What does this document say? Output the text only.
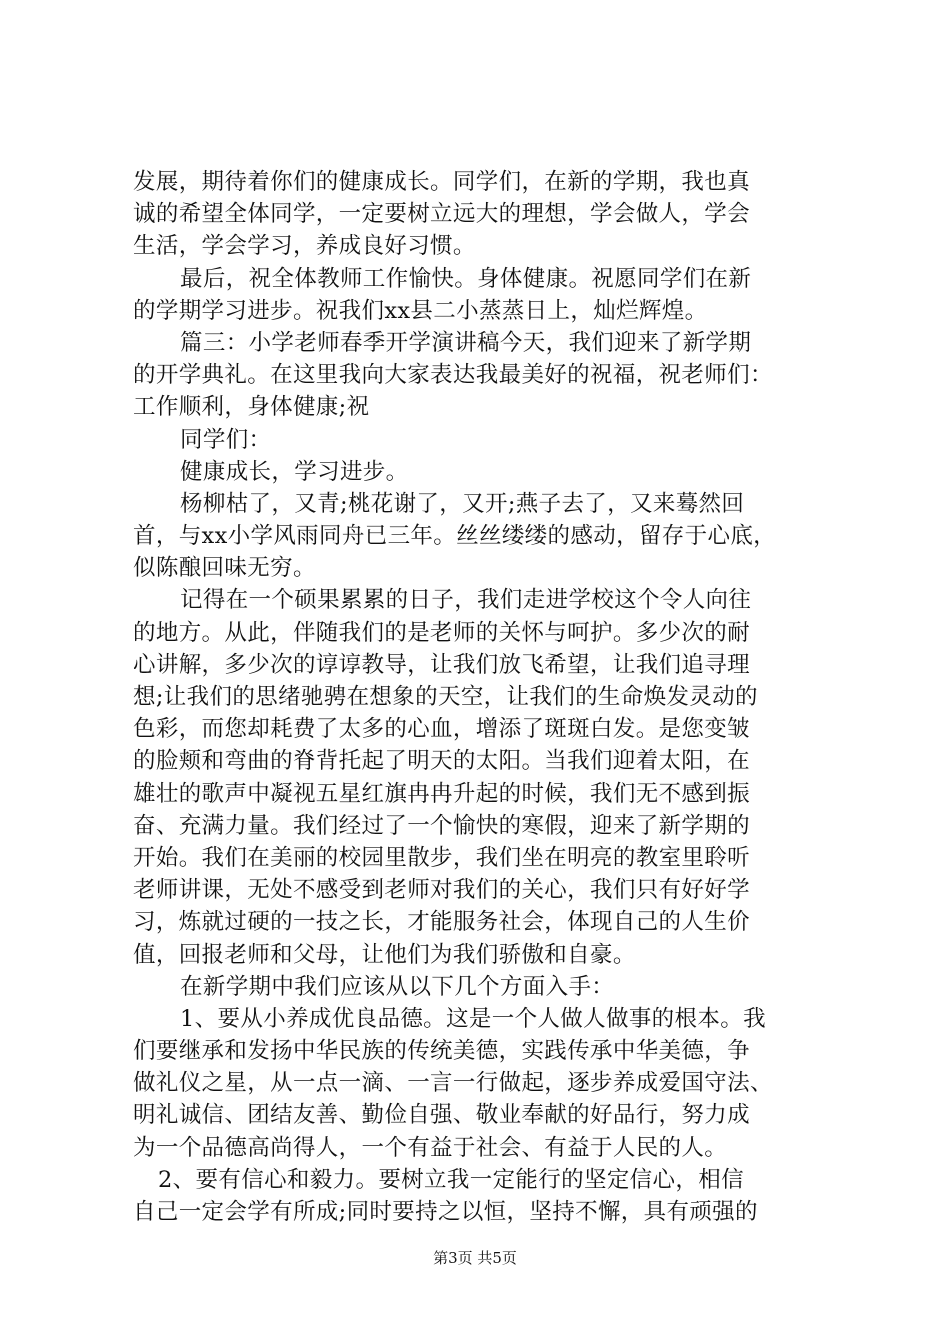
发展，期待着你们的健康成长。同学们，在新的学期，我也真
诚的希望全体同学，一定要树立远大的理想，学会做人，学会
生活，学会学习，养成良好习惯。
最后，祝全体教师工作愉快。身体健康。祝愿同学们在新
的学期学习进步。祝我们xx县二小蒸蒸日上，灿烂辉煌。
篇三：小学老师春季开学演讲稿今天，我们迎来了新学期
的开学典礼。在这里我向大家表达我最美好的祝福，祝老师们：
工作顺利，身体健康;祝
同学们：
健康成长，学习进步。
杨柳枯了，又青;桃花谢了，又开;燕子去了，又来蓦然回
首，与xx小学风雨同舟已三年。丝丝缕缕的感动，留存于心底，
似陈酿回味无穷。
记得在一个硕果累累的日子，我们走进学校这个令人向往
的地方。从此，伴随我们的是老师的关怀与呵护。多少次的耐
心讲解，多少次的谆谆教导，让我们放飞希望，让我们追寻理
想;让我们的思绪驰骋在想象的天空，让我们的生命焕发灵动的
色彩，而您却耗费了太多的心血，增添了斑斑白发。是您变皱
的脸颊和弯曲的脊背托起了明天的太阳。当我们迎着太阳，在
雄壮的歌声中凝视五星红旗冉冉升起的时候，我们无不感到振
奋、充满力量。我们经过了一个愉快的寒假，迎来了新学期的
开始。我们在美丽的校园里散步，我们坐在明亮的教室里聆听
老师讲课，无处不感受到老师对我们的关心，我们只有好好学
习，炼就过硬的一技之长，才能服务社会，体现自己的人生价
值，回报老师和父母，让他们为我们骄傲和自豪。
在新学期中我们应该从以下几个方面入手：
1、要从小养成优良品德。这是一个人做人做事的根本。我
们要继承和发扬中华民族的传统美德，实践传承中华美德，争
做礼仪之星，从一点一滴、一言一行做起，逐步养成爱国守法、
明礼诚信、团结友善、勤俭自强、敬业奉献的好品行，努力成
为一个品德高尚得人，一个有益于社会、有益于人民的人。
2、要有信心和毅力。要树立我一定能行的坚定信心，相信
自己一定会学有所成;同时要持之以恒，坚持不懈，具有顽强的
第3页 共5页
